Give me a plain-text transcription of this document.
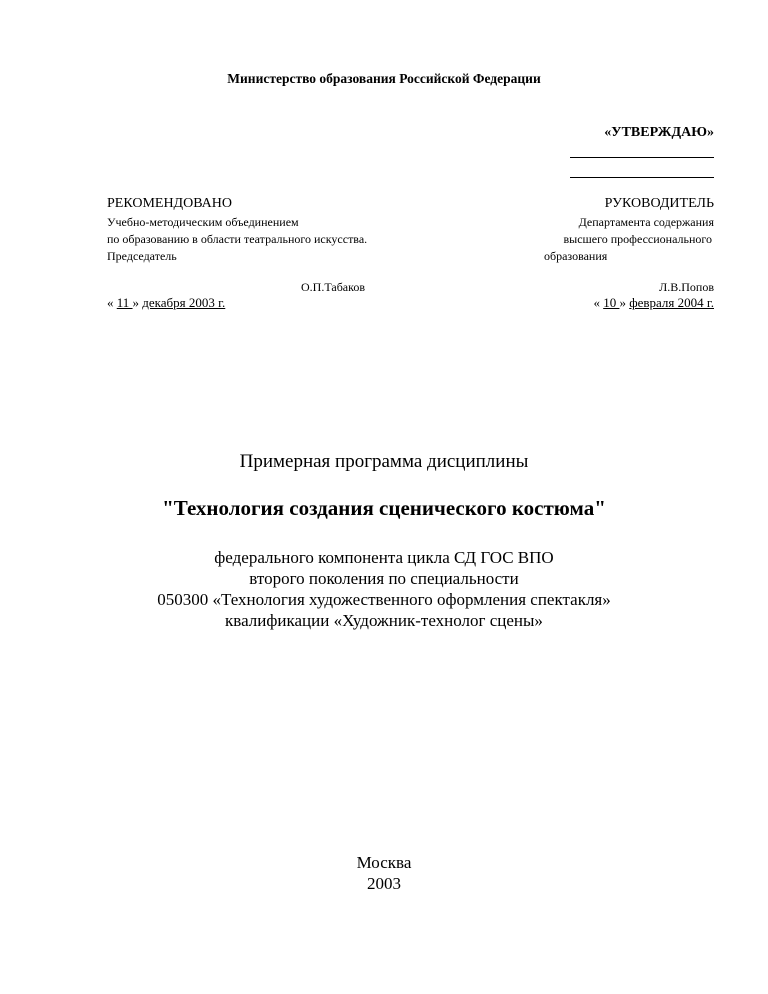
Министерство образования Российской Федерации
«УТВЕРЖДАЮ»
РЕКОМЕНДОВАНО
Учебно-методическим объединением
по образованию в области театрального искусства.
Председатель
О.П.Табаков
« 11 » декабря 2003 г.
РУКОВОДИТЕЛЬ
Департамента содержания
высшего профессионального
образования
Л.В.Попов
« 10 » февраля 2004 г.
Примерная программа дисциплины
"Технология создания сценического костюма"
федерального компонента цикла СД ГОС ВПО
второго поколения по специальности
050300 «Технология художественного оформления спектакля»
квалификации «Художник-технолог сцены»
Москва
2003
